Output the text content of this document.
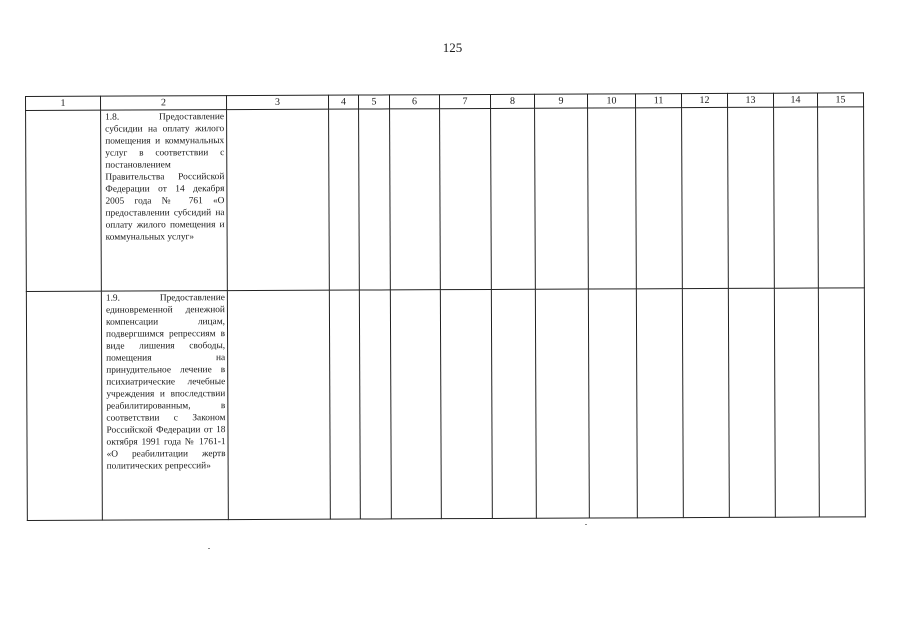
125
1	2	3	4	5	6	7	8	9	10	11	12	13	14	15
	1.8. Предоставление субсидии на оплату жилого помещения и коммунальных услуг в соответствии с постановлением Правительства Российской Федерации от 14 декабря 2005 года № 761 «О предоставлении субсидий на оплату жилого помещения и коммунальных услуг»													
	1.9. Предоставление единовременной денежной компенсации лицам, подвергшимся репрессиям в виде лишения свободы, помещения на принудительное лечение в психиатрические лечебные учреждения и впоследствии реабилитированным, в соответствии с Законом Российской Федерации от 18 октября 1991 года № 1761-1 «О реабилитации жертв политических репрессий»													
